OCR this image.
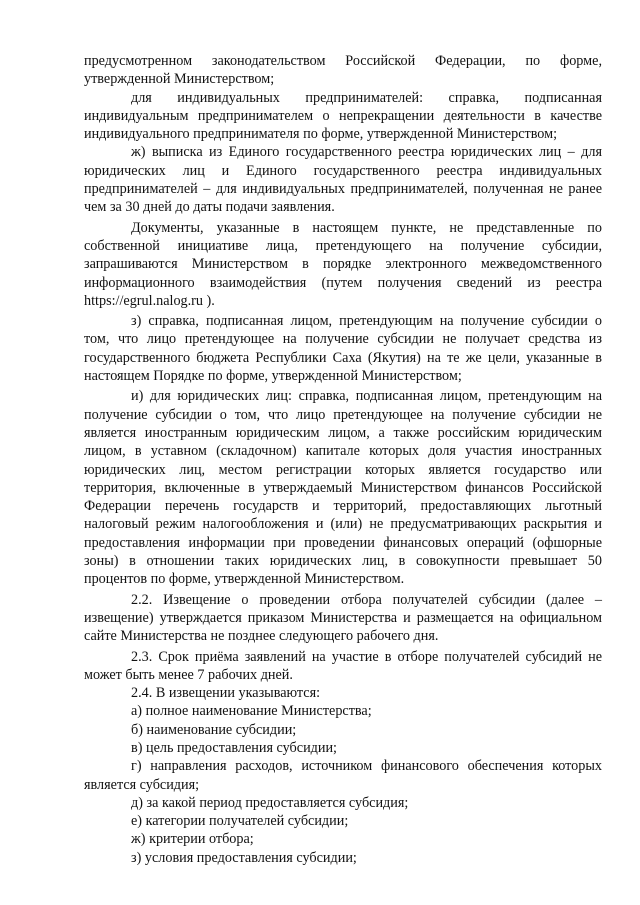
предусмотренном законодательством Российской Федерации, по форме, утвержденной Министерством;

для индивидуальных предпринимателей: справка, подписанная индивидуальным предпринимателем о непрекращении деятельности в качестве индивидуального предпринимателя по форме, утвержденной Министерством;

ж) выписка из Единого государственного реестра юридических лиц – для юридических лиц и Единого государственного реестра индивидуальных предпринимателей – для индивидуальных предпринимателей, полученная не ранее чем за 30 дней до даты подачи заявления.

Документы, указанные в настоящем пункте, не представленные по собственной инициативе лица, претендующего на получение субсидии, запрашиваются Министерством в порядке электронного межведомственного информационного взаимодействия (путем получения сведений из реестра https://egrul.nalog.ru ).

з) справка, подписанная лицом, претендующим на получение субсидии о том, что лицо претендующее на получение субсидии не получает средства из государственного бюджета Республики Саха (Якутия) на те же цели, указанные в настоящем Порядке по форме, утвержденной Министерством;

и) для юридических лиц: справка, подписанная лицом, претендующим на получение субсидии о том, что лицо претендующее на получение субсидии не является иностранным юридическим лицом, а также российским юридическим лицом, в уставном (складочном) капитале которых доля участия иностранных юридических лиц, местом регистрации которых является государство или территория, включенные в утверждаемый Министерством финансов Российской Федерации перечень государств и территорий, предоставляющих льготный налоговый режим налогообложения и (или) не предусматривающих раскрытия и предоставления информации при проведении финансовых операций (офшорные зоны) в отношении таких юридических лиц, в совокупности превышает 50 процентов по форме, утвержденной Министерством.

2.2. Извещение о проведении отбора получателей субсидии (далее – извещение) утверждается приказом Министерства и размещается на официальном сайте Министерства не позднее следующего рабочего дня.

2.3. Срок приёма заявлений на участие в отборе получателей субсидий не может быть менее 7 рабочих дней.

2.4. В извещении указываются:

а) полное наименование Министерства;

б) наименование субсидии;

в) цель предоставления субсидии;

г) направления расходов, источником финансового обеспечения которых является субсидия;

д) за какой период предоставляется субсидия;

е) категории получателей субсидии;

ж) критерии отбора;

з) условия предоставления субсидии;
